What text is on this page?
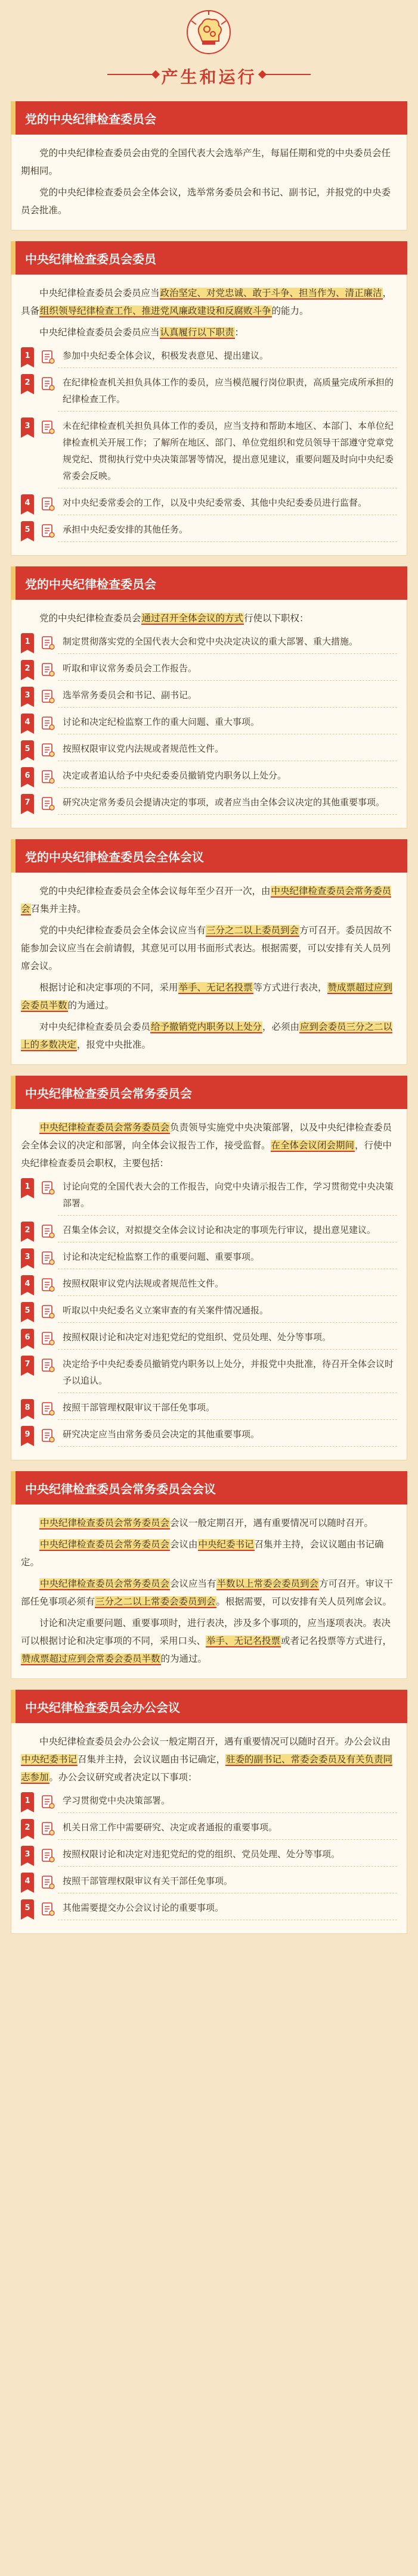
产生和运行
党的中央纪律检查委员会
党的中央纪律检查委员会由党的全国代表大会选举产生，每届任期和党的中央委员会任期相同。
党的中央纪律检查委员会全体会议，选举常务委员会和书记、副书记，并报党的中央委员会批准。
中央纪律检查委员会委员
中央纪律检查委员会委员应当政治坚定、对党忠诚、敢于斗争、担当作为、清正廉洁，具备组织领导纪律检查工作、推进党风廉政建设和反腐败斗争的能力。
中央纪律检查委员会委员应当认真履行以下职责：
1	参加中央纪委全体会议，积极发表意见、提出建议。
2	在纪律检查机关担负具体工作的委员，应当模范履行岗位职责，高质量完成所承担的纪律检查工作。
3	未在纪律检查机关担负具体工作的委员，应当支持和帮助本地区、本部门、本单位纪律检查机关开展工作；了解所在地区、部门、单位党组织和党员领导干部遵守党章党规党纪、贯彻执行党中央决策部署等情况，提出意见建议，重要问题及时向中央纪委常委会反映。
4	对中央纪委常委会的工作，以及中央纪委常委、其他中央纪委委员进行监督。
5	承担中央纪委安排的其他任务。
党的中央纪律检查委员会
党的中央纪律检查委员会通过召开全体会议的方式行使以下职权：
1	制定贯彻落实党的全国代表大会和党中央决定决议的重大部署、重大措施。
2	听取和审议常务委员会工作报告。
3	选举常务委员会和书记、副书记。
4	讨论和决定纪检监察工作的重大问题、重大事项。
5	按照权限审议党内法规或者规范性文件。
6	决定或者追认给予中央纪委委员撤销党内职务以上处分。
7	研究决定常务委员会提请决定的事项，或者应当由全体会议决定的其他重要事项。
党的中央纪律检查委员会全体会议
党的中央纪律检查委员会全体会议每年至少召开一次，由中央纪律检查委员会常务委员会召集并主持。
党的中央纪律检查委员会全体会议应当有三分之二以上委员到会方可召开。委员因故不能参加会议应当在会前请假，其意见可以用书面形式表达。根据需要，可以安排有关人员列席会议。
根据讨论和决定事项的不同，采用举手、无记名投票等方式进行表决，赞成票超过应到会委员半数的为通过。
对中央纪律检查委员会委员给予撤销党内职务以上处分，必须由应到会委员三分之二以上的多数决定，报党中央批准。
中央纪律检查委员会常务委员会
中央纪律检查委员会常务委员会负责领导实施党中央决策部署，以及中央纪律检查委员会全体会议的决定和部署，向全体会议报告工作，接受监督。在全体会议闭会期间，行使中央纪律检查委员会职权，主要包括：
1	讨论向党的全国代表大会的工作报告，向党中央请示报告工作，学习贯彻党中央决策部署。
2	召集全体会议，对拟提交全体会议讨论和决定的事项先行审议，提出意见建议。
3	讨论和决定纪检监察工作的重要问题、重要事项。
4	按照权限审议党内法规或者规范性文件。
5	听取以中央纪委名义立案审查的有关案件情况通报。
6	按照权限讨论和决定对违犯党纪的党组织、党员处理、处分等事项。
7	决定给予中央纪委委员撤销党内职务以上处分，并报党中央批准，待召开全体会议时予以追认。
8	按照干部管理权限审议干部任免事项。
9	研究决定应当由常务委员会决定的其他重要事项。
中央纪律检查委员会常务委员会会议
中央纪律检查委员会常务委员会会议一般定期召开，遇有重要情况可以随时召开。
中央纪律检查委员会常务委员会会议由中央纪委书记召集并主持，会议议题由书记确定。
中央纪律检查委员会常务委员会会议应当有半数以上常委会委员到会方可召开。审议干部任免事项必须有三分之二以上常委会委员到会。根据需要，可以安排有关人员列席会议。
讨论和决定重要问题、重要事项时，进行表决，涉及多个事项的，应当逐项表决。表决可以根据讨论和决定事项的不同，采用口头、举手、无记名投票或者记名投票等方式进行，赞成票超过应到会常委会委员半数的为通过。
中央纪律检查委员会办公会议
中央纪律检查委员会办公会议一般定期召开，遇有重要情况可以随时召开。办公会议由中央纪委书记召集并主持，会议议题由书记确定，驻委的副书记、常委会委员及有关负责同志参加。办公会议研究或者决定以下事项：
1	学习贯彻党中央决策部署。
2	机关日常工作中需要研究、决定或者通报的重要事项。
3	按照权限讨论和决定对违犯党纪的党的组织、党员处理、处分等事项。
4	按照干部管理权限审议有关干部任免事项。
5	其他需要提交办公会议讨论的重要事项。
